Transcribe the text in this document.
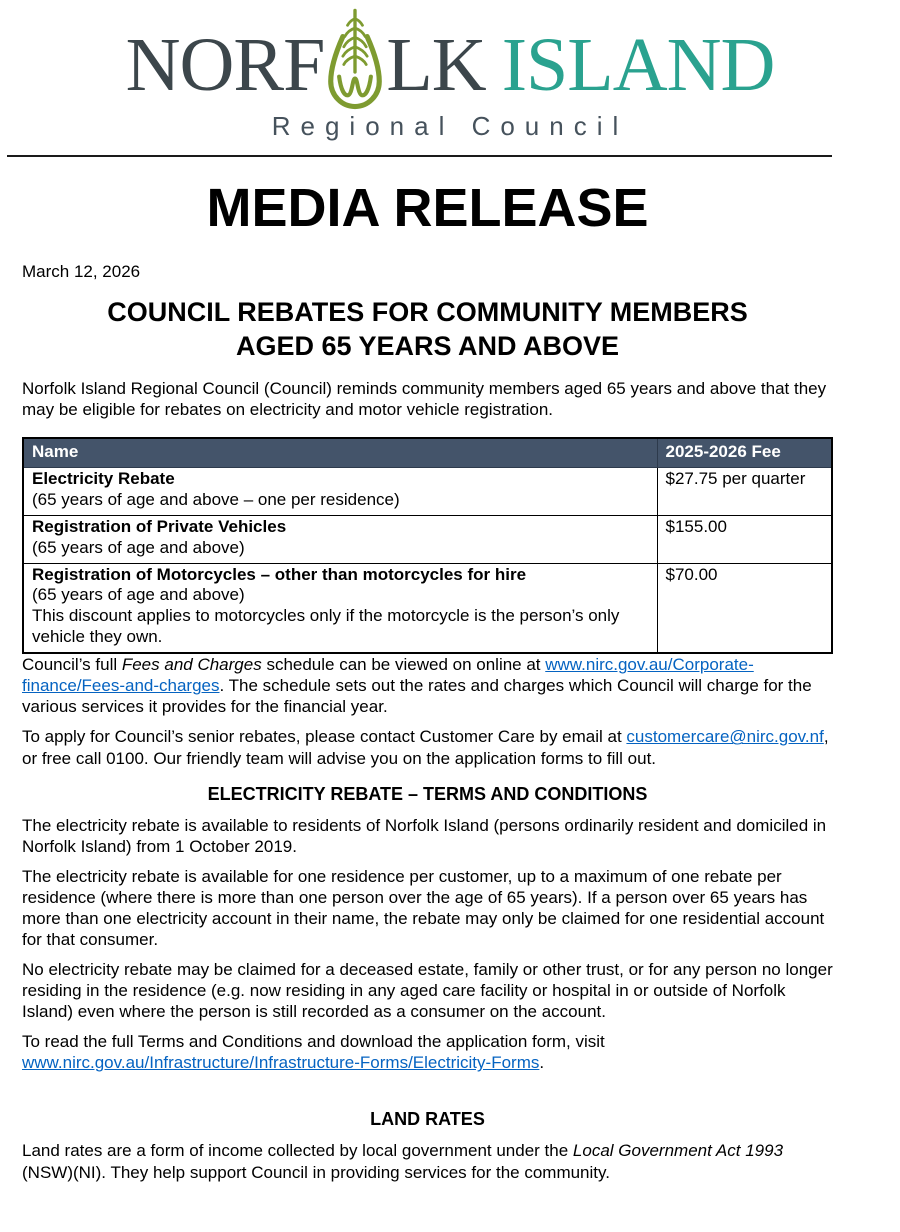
NORF LK ISLAND
Regional Council
MEDIA RELEASE

March 12, 2026

COUNCIL REBATES FOR COMMUNITY MEMBERS
AGED 65 YEARS AND ABOVE

Norfolk Island Regional Council (Council) reminds community members aged 65 years and above that they may be eligible for rebates on electricity and motor vehicle registration.

Name	2025-2026 Fee
Electricity Rebate
(65 years of age and above – one per residence)	$27.75 per quarter
Registration of Private Vehicles
(65 years of age and above)	$155.00
Registration of Motorcycles – other than motorcycles for hire
(65 years of age and above)
This discount applies to motorcycles only if the motorcycle is the person’s only vehicle they own.	$70.00

Council’s full Fees and Charges schedule can be viewed on online at www.nirc.gov.au/Corporate-finance/Fees-and-charges. The schedule sets out the rates and charges which Council will charge for the various services it provides for the financial year.

To apply for Council’s senior rebates, please contact Customer Care by email at customercare@nirc.gov.nf, or free call 0100. Our friendly team will advise you on the application forms to fill out.

ELECTRICITY REBATE – TERMS AND CONDITIONS

The electricity rebate is available to residents of Norfolk Island (persons ordinarily resident and domiciled in Norfolk Island) from 1 October 2019.

The electricity rebate is available for one residence per customer, up to a maximum of one rebate per residence (where there is more than one person over the age of 65 years). If a person over 65 years has more than one electricity account in their name, the rebate may only be claimed for one residential account for that consumer.

No electricity rebate may be claimed for a deceased estate, family or other trust, or for any person no longer residing in the residence (e.g. now residing in any aged care facility or hospital in or outside of Norfolk Island) even where the person is still recorded as a consumer on the account.

To read the full Terms and Conditions and download the application form, visit www.nirc.gov.au/Infrastructure/Infrastructure-Forms/Electricity-Forms.

LAND RATES

Land rates are a form of income collected by local government under the Local Government Act 1993 (NSW)(NI). They help support Council in providing services for the community.
